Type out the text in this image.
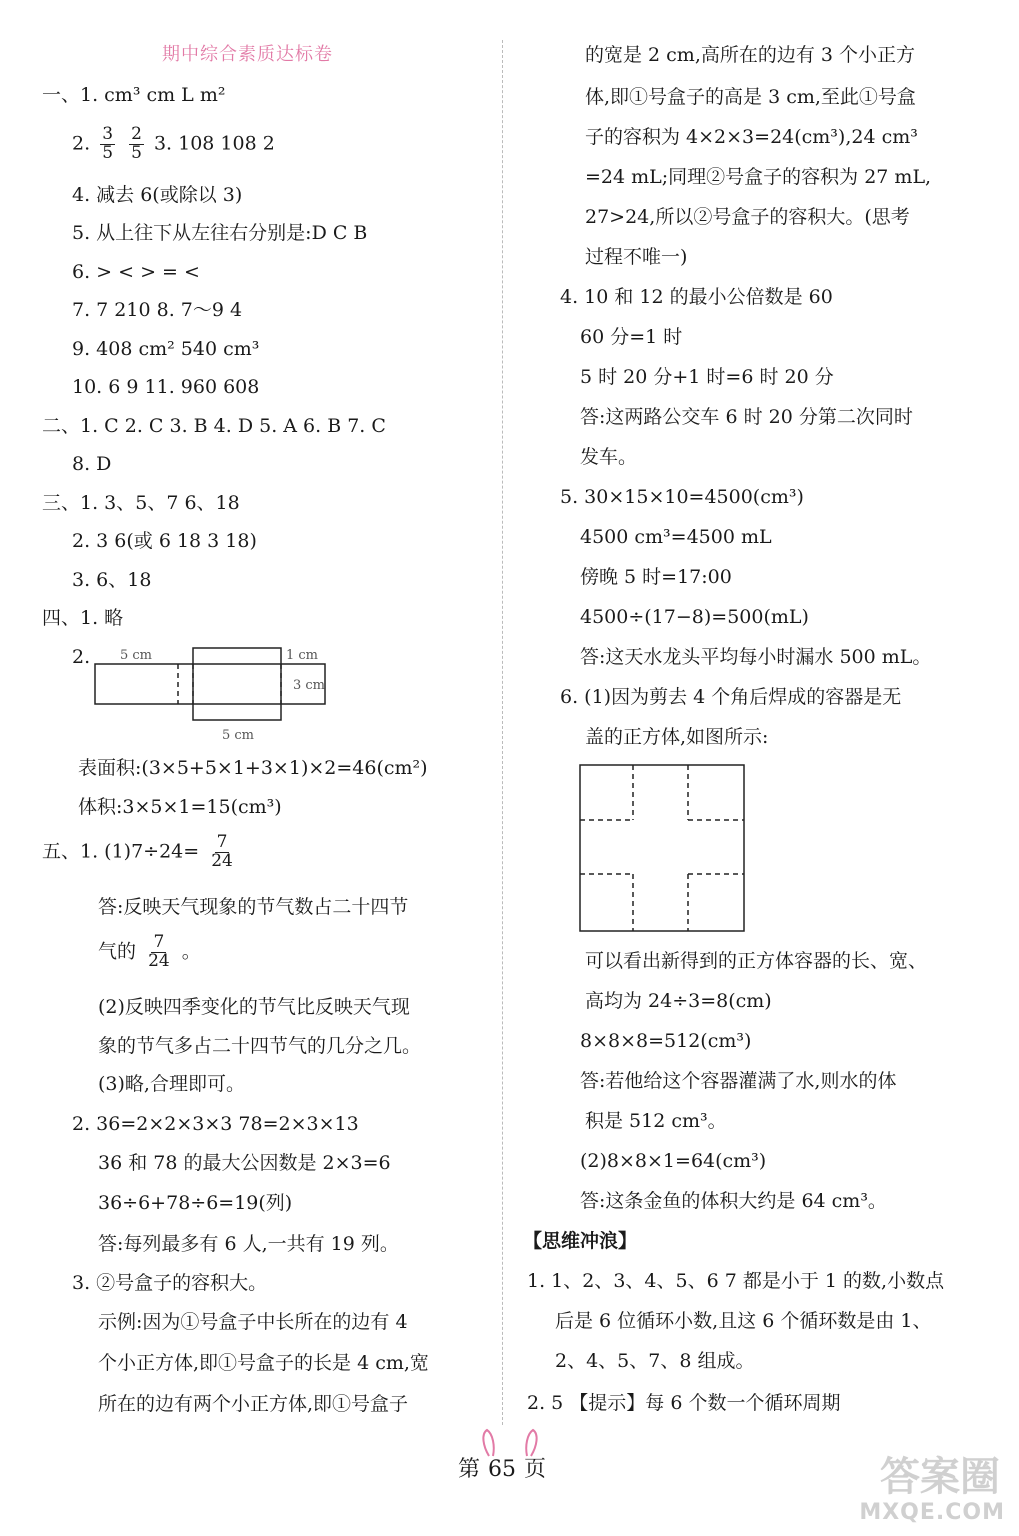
期中综合素质达标卷
一、1. cm³ cm L m²
2. $\frac{3}{5}$
$\frac{2}{5} 3$. 108 108 2
4. 减去 6(或除以 3)
5. 从上往下从左往右分别是:D C B
6. > < > = <
7. 7 210 8. 7～9 4
9. 408 cm² 540 cm³
10. 6 9 11. 960 608
二、1. C 2. C 3. B 4. D 5. A 6. B 7. C
8. D
三、1. 3、5、7 6、18
2. 3 6(或 6 18 3 18)
3. 6、18
四、1. 略
2. 5 cm	1 cm
3 cm
5 cm
表面积:(3×5+5×1+3×1)×2=46(cm²)
体积:3×5×1=15(cm³)
五、1. $(1)7\div 24= \frac{7}{24}$
答:反映天气现象的节气数占二十四节
气的 $\frac{7}{24}$ 。
(2)反映四季变化的节气比反映天气现
象的节气多占二十四节气的几分之几。
(3)略,合理即可。
2. 36=2×2×3×3 78=2×3×13
36 和 78 的最大公因数是 2×3=6
36÷6+78÷6=19(列)
答:每列最多有 6 人,一共有 19 列。
3. ②号盒子的容积大。
示例:因为①号盒子中长所在的边有 4
个小正方体,即①号盒子的长是 4 cm,宽
所在的边有两个小正方体,即①号盒子
的宽是 2 cm,高所在的边有 3 个小正方
体,即①号盒子的高是 3 cm,至此①号盒
子的容积为 4×2×3=24(cm³),24 cm³
=24 mL;同理②号盒子的容积为 27 mL,
27>24,所以②号盒子的容积大。(思考
过程不唯一)
4. 10 和 12 的最小公倍数是 60
60 分=1 时
5 时 20 分+1 时=6 时 20 分
答:这两路公交车 6 时 20 分第二次同时
发车。
5. 30×15×10=4500(cm³)
4500 cm³=4500 mL
傍晚 5 时=17:00
4500÷(17−8)=500(mL)
答:这天水龙头平均每小时漏水 500 mL。
6. (1)因为剪去 4 个角后焊成的容器是无
盖的正方体,如图所示:
可以看出新得到的正方体容器的长、宽、
高均为 24÷3=8(cm)
8×8×8=512(cm³)
答:若他给这个容器灌满了水,则水的体
积是 512 cm³。
(2)8×8×1=64(cm³)
答:这条金鱼的体积大约是 64 cm³。
【思维冲浪】
1. 1、2、3、4、5、6 7 都是小于 1 的数,小数点
后是 6 位循环小数,且这 6 个循环数是由 1、
2、4、5、7、8 组成。
2. 5 【提示】每 6 个数一个循环周期
第 65 页	答案圈
MXQE.COM
